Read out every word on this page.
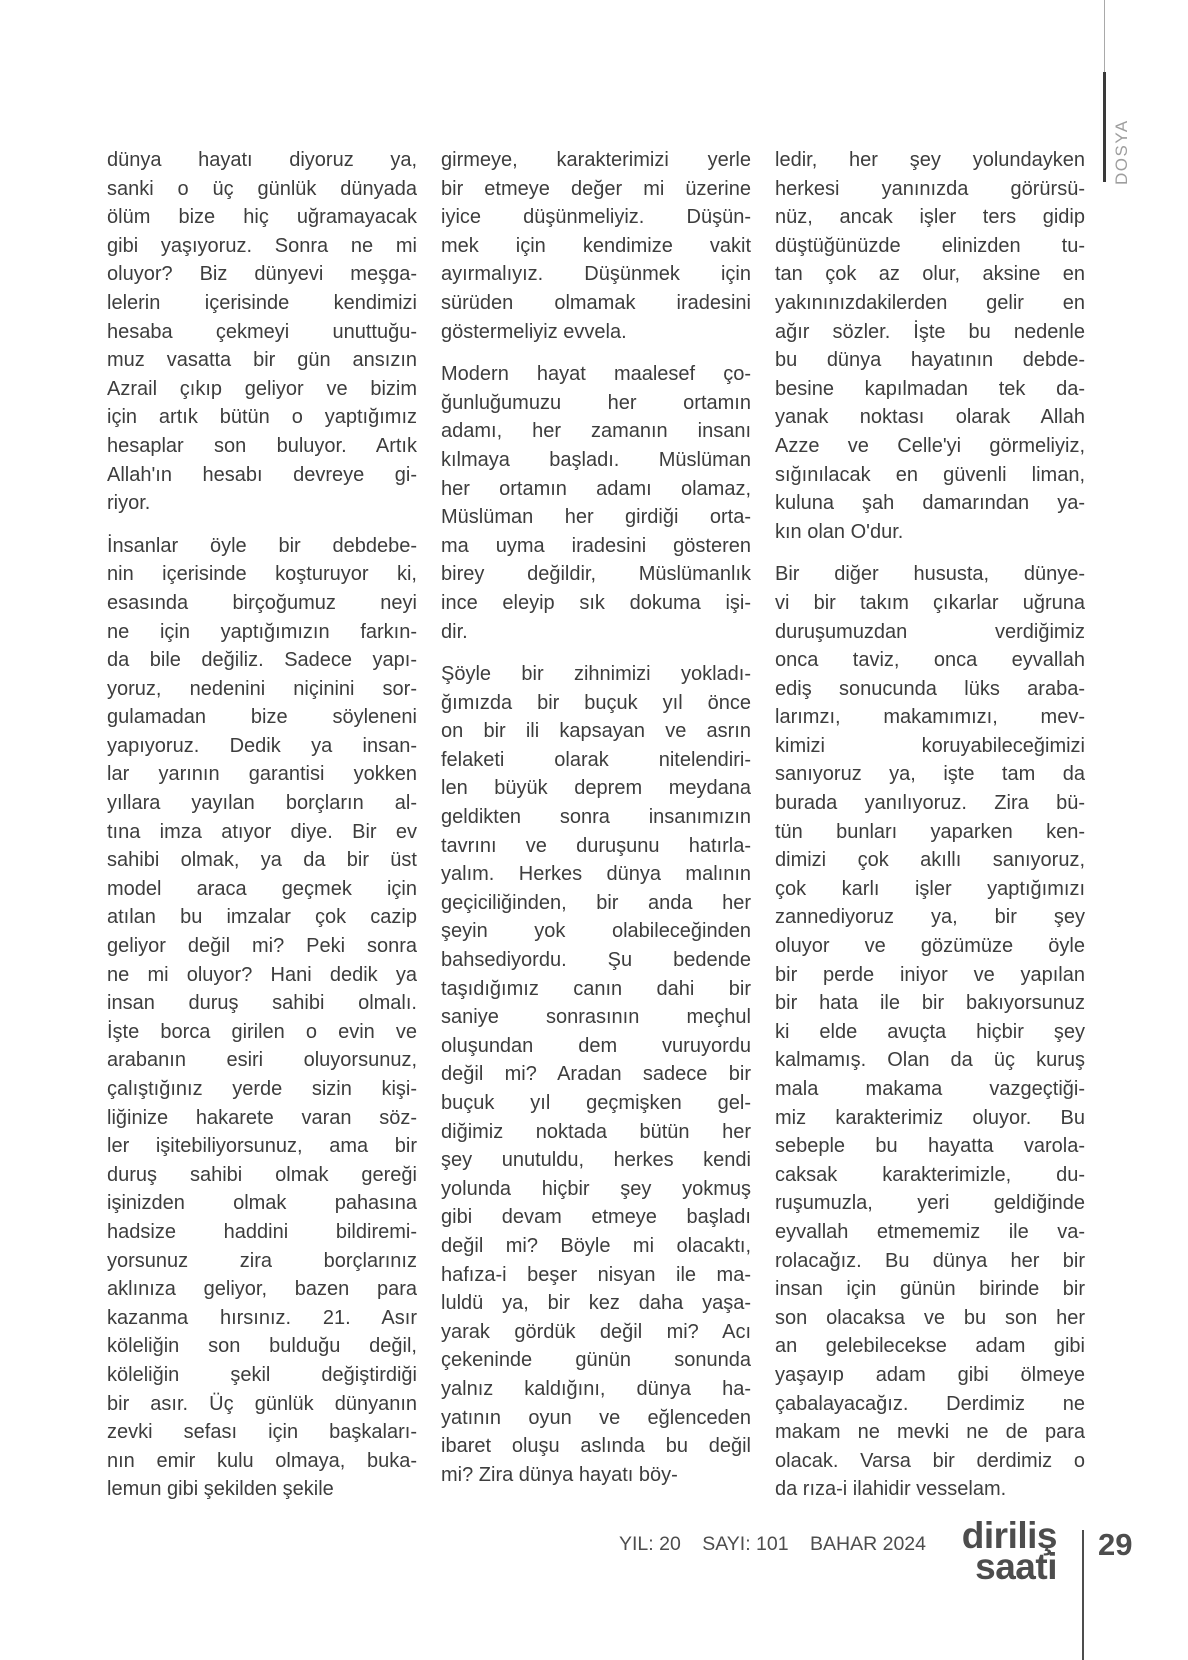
DOSYA
dünya hayatı diyoruz ya,
sanki o üç günlük dünyada
ölüm bize hiç uğramayacak
gibi yaşıyoruz. Sonra ne mi
oluyor? Biz dünyevi meşga-
lelerin içerisinde kendimizi
hesaba çekmeyi unuttuğu-
muz vasatta bir gün ansızın
Azrail çıkıp geliyor ve bizim
için artık bütün o yaptığımız
hesaplar son buluyor. Artık
Allah'ın hesabı devreye gi-
riyor.
İnsanlar öyle bir debdebe-
nin içerisinde koşturuyor ki,
esasında birçoğumuz neyi
ne için yaptığımızın farkın-
da bile değiliz. Sadece yapı-
yoruz, nedenini niçinini sor-
gulamadan bize söyleneni
yapıyoruz. Dedik ya insan-
lar yarının garantisi yokken
yıllara yayılan borçların al-
tına imza atıyor diye. Bir ev
sahibi olmak, ya da bir üst
model araca geçmek için
atılan bu imzalar çok cazip
geliyor değil mi? Peki sonra
ne mi oluyor? Hani dedik ya
insan duruş sahibi olmalı.
İşte borca girilen o evin ve
arabanın esiri oluyorsunuz,
çalıştığınız yerde sizin kişi-
liğinize hakarete varan söz-
ler işitebiliyorsunuz, ama bir
duruş sahibi olmak gereği
işinizden olmak pahasına
hadsize haddini bildiremi-
yorsunuz zira borçlarınız
aklınıza geliyor, bazen para
kazanma hırsınız. 21. Asır
köleliğin son bulduğu değil,
köleliğin şekil değiştirdiği
bir asır. Üç günlük dünyanın
zevki sefası için başkaları-
nın emir kulu olmaya, buka-
lemun gibi şekilden şekile
girmeye, karakterimizi yerle
bir etmeye değer mi üzerine
iyice düşünmeliyiz. Düşün-
mek için kendimize vakit
ayırmalıyız. Düşünmek için
sürüden olmamak iradesini
göstermeliyiz evvela.
Modern hayat maalesef ço-
ğunluğumuzu her ortamın
adamı, her zamanın insanı
kılmaya başladı. Müslüman
her ortamın adamı olamaz,
Müslüman her girdiği orta-
ma uyma iradesini gösteren
birey değildir, Müslümanlık
ince eleyip sık dokuma işi-
dir.
Şöyle bir zihnimizi yokladı-
ğımızda bir buçuk yıl önce
on bir ili kapsayan ve asrın
felaketi olarak nitelendiri-
len büyük deprem meydana
geldikten sonra insanımızın
tavrını ve duruşunu hatırla-
yalım. Herkes dünya malının
geçiciliğinden, bir anda her
şeyin yok olabileceğinden
bahsediyordu. Şu bedende
taşıdığımız canın dahi bir
saniye sonrasının meçhul
oluşundan dem vuruyordu
değil mi? Aradan sadece bir
buçuk yıl geçmişken gel-
diğimiz noktada bütün her
şey unutuldu, herkes kendi
yolunda hiçbir şey yokmuş
gibi devam etmeye başladı
değil mi? Böyle mi olacaktı,
hafıza-i beşer nisyan ile ma-
luldü ya, bir kez daha yaşa-
yarak gördük değil mi? Acı
çekeninde günün sonunda
yalnız kaldığını, dünya ha-
yatının oyun ve eğlenceden
ibaret oluşu aslında bu değil
mi? Zira dünya hayatı böy-
ledir, her şey yolundayken
herkesi yanınızda görürsü-
nüz, ancak işler ters gidip
düştüğünüzde elinizden tu-
tan çok az olur, aksine en
yakınınızdakilerden gelir en
ağır sözler. İşte bu nedenle
bu dünya hayatının debde-
besine kapılmadan tek da-
yanak noktası olarak Allah
Azze ve Celle'yi görmeliyiz,
sığınılacak en güvenli liman,
kuluna şah damarından ya-
kın olan O'dur.
Bir diğer hususta, dünye-
vi bir takım çıkarlar uğruna
duruşumuzdan verdiğimiz
onca taviz, onca eyvallah
ediş sonucunda lüks araba-
larımzı, makamımızı, mev-
kimizi koruyabileceğimizi
sanıyoruz ya, işte tam da
burada yanılıyoruz. Zira bü-
tün bunları yaparken ken-
dimizi çok akıllı sanıyoruz,
çok karlı işler yaptığımızı
zannediyoruz ya, bir şey
oluyor ve gözümüze öyle
bir perde iniyor ve yapılan
bir hata ile bir bakıyorsunuz
ki elde avuçta hiçbir şey
kalmamış. Olan da üç kuruş
mala makama vazgeçtiği-
miz karakterimiz oluyor. Bu
sebeple bu hayatta varola-
caksak karakterimizle, du-
ruşumuzla, yeri geldiğinde
eyvallah etmememiz ile va-
rolacağız. Bu dünya her bir
insan için günün birinde bir
son olacaksa ve bu son her
an gelebilecekse adam gibi
yaşayıp adam gibi ölmeye
çabalayacağız. Derdimiz ne
makam ne mevki ne de para
olacak. Varsa bir derdimiz o
da rıza-i ilahidir vesselam.
YIL: 20 SAYI: 101 BAHAR 2024 diriliş
saati
29
